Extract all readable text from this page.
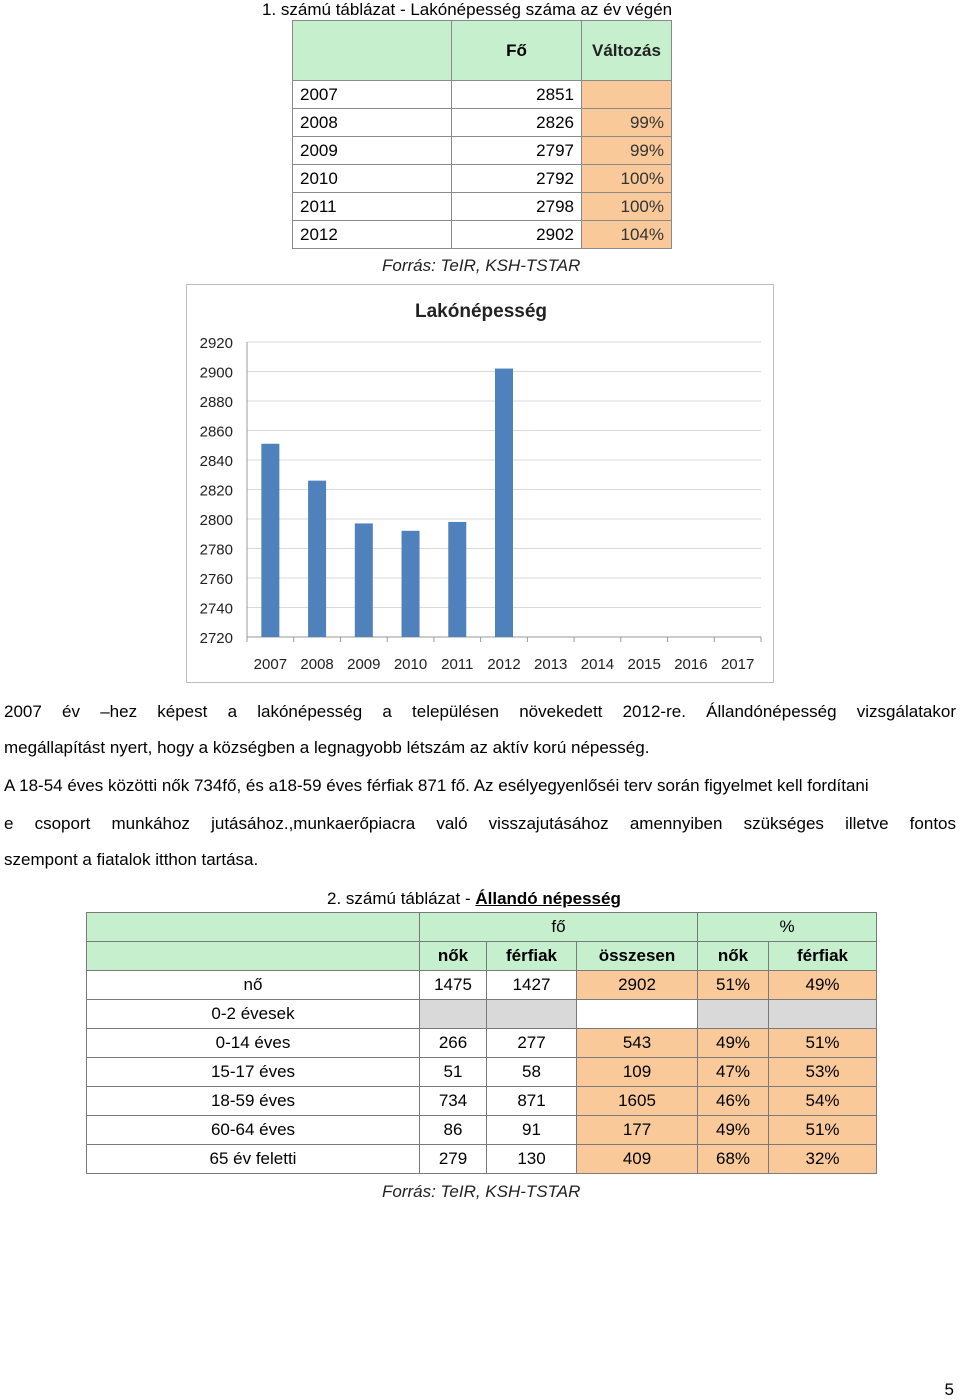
1. számú táblázat - Lakónépesség száma az év végén
	Fő	Változás
2007	2851	
2008	2826	99%
2009	2797	99%
2010	2792	100%
2011	2798	100%
2012	2902	104%
Forrás: TeIR, KSH-TSTAR
Lakónépesség
2920
2900
2880
2860
2840
2820
2800
2780
2760
2740
2720
2007 2008 2009 2010 2011 2012 2013 2014 2015 2016 2017
2007 év –hez képest a lakónépesség a településen növekedett 2012-re. Állandónépesség vizsgálatakor
megállapítást nyert, hogy a községben a legnagyobb létszám az aktív korú népesség.
A 18-54 éves közötti nők 734fő, és a18-59 éves férfiak 871 fő. Az esélyegyenlőséi terv során figyelmet kell fordítani
e csoport munkához jutásához.,munkaerőpiacra való visszajutásához amennyiben szükséges illetve fontos
szempont a fiatalok itthon tartása.
2. számú táblázat - Állandó népesség
	fő			%	
	nők	férfiak	összesen	nők	férfiak
nő	1475	1427	2902	51%	49%
0-2 évesek					
0-14 éves	266	277	543	49%	51%
15-17 éves	51	58	109	47%	53%
18-59 éves	734	871	1605	46%	54%
60-64 éves	86	91	177	49%	51%
65 év feletti	279	130	409	68%	32%
Forrás: TeIR, KSH-TSTAR
5
